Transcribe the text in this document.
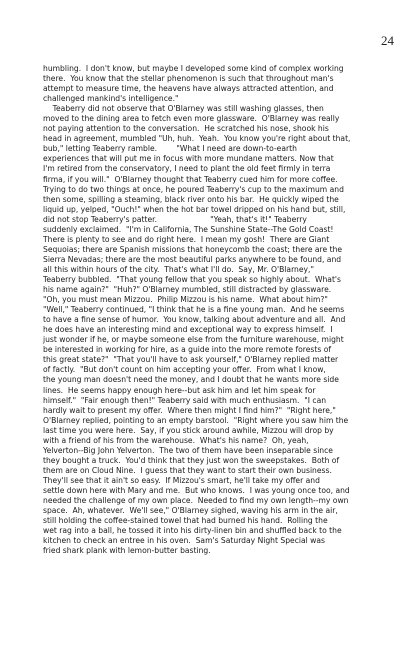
24
humbling.  I don't know, but maybe I developed some kind of complex working
there.  You know that the stellar phenomenon is such that throughout man's
attempt to measure time, the heavens have always attracted attention, and
challenged mankind's intelligence."
Teaberry did not observe that O'Blarney was still washing glasses, then
moved to the dining area to fetch even more glassware.  O'Blarney was really
not paying attention to the conversation.  He scratched his nose, shook his
head in agreement, mumbled "Uh, huh.  Yeah.  You know you're right about that,
bub," letting Teaberry ramble.        "What I need are down-to-earth
experiences that will put me in focus with more mundane matters. Now that
I'm retired from the conservatory, I need to plant the old feet firmly in terra
firma, if you will."  O'Blarney thought that Teaberry cued him for more coffee.
Trying to do two things at once, he poured Teaberry's cup to the maximum and
then some, spilling a steaming, black river onto his bar.  He quickly wiped the
liquid up, yelped, "Ouch!" when the hot bar towel dripped on his hand but, still,
did not stop Teaberry's patter.                      "Yeah, that's it!" Teaberry
suddenly exclaimed.  "I'm in California, The Sunshine State--The Gold Coast!
There is plenty to see and do right here.  I mean my gosh!  There are Giant
Sequoias; there are Spanish missions that honeycomb the coast; there are the
Sierra Nevadas; there are the most beautiful parks anywhere to be found, and
all this within hours of the city.  That's what I'll do.  Say, Mr. O'Blarney,"
Teaberry bubbled.  "That young fellow that you speak so highly about.  What's
his name again?"  "Huh?" O'Blarney mumbled, still distracted by glassware.
"Oh, you must mean Mizzou.  Philip Mizzou is his name.  What about him?"
"Well," Teaberry continued, "I think that he is a fine young man.  And he seems
to have a fine sense of humor.  You know, talking about adventure and all.  And
he does have an interesting mind and exceptional way to express himself.  I
just wonder if he, or maybe someone else from the furniture warehouse, might
be interested in working for hire, as a guide into the more remote forests of
this great state?"  "That you'll have to ask yourself," O'Blarney replied matter
of factly.  "But don't count on him accepting your offer.  From what I know,
the young man doesn't need the money, and I doubt that he wants more side
lines.  He seems happy enough here--but ask him and let him speak for
himself."  "Fair enough then!" Teaberry said with much enthusiasm.  "I can
hardly wait to present my offer.  Where then might I find him?"  "Right here,"
O'Blarney replied, pointing to an empty barstool.  "Right where you saw him the
last time you were here.  Say, if you stick around awhile, Mizzou will drop by
with a friend of his from the warehouse.  What's his name?  Oh, yeah,
Yelverton--Big John Yelverton.  The two of them have been inseparable since
they bought a truck.  You'd think that they just won the sweepstakes.  Both of
them are on Cloud Nine.  I guess that they want to start their own business.
They'll see that it ain't so easy.  If Mizzou's smart, he'll take my offer and
settle down here with Mary and me.  But who knows.  I was young once too, and
needed the challenge of my own place.  Needed to find my own length--my own
space.  Ah, whatever.  We'll see," O'Blarney sighed, waving his arm in the air,
still holding the coffee-stained towel that had burned his hand.  Rolling the
wet rag into a ball, he tossed it into his dirty-linen bin and shuffled back to the
kitchen to check an entree in his oven.  Sam's Saturday Night Special was
fried shark plank with lemon-butter basting.
